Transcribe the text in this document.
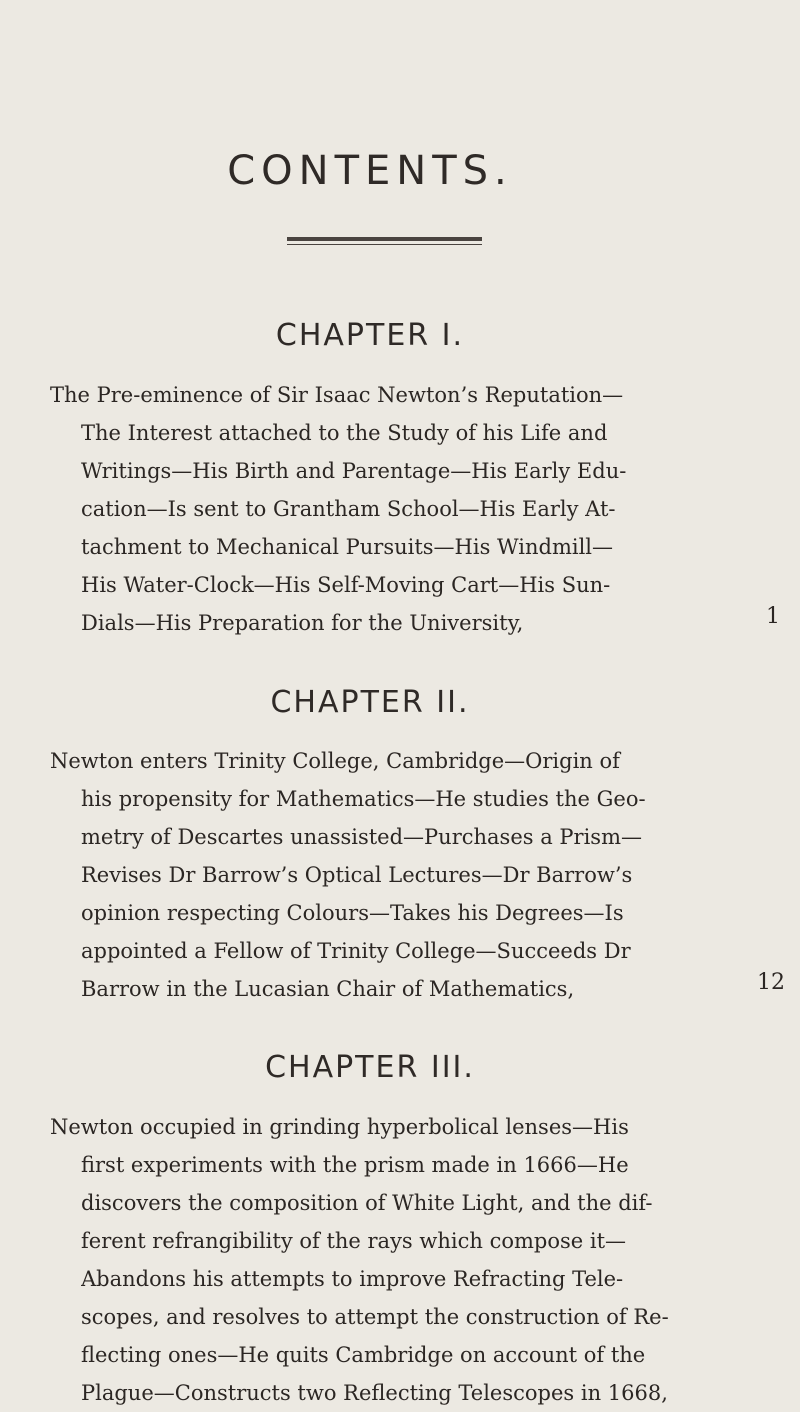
CONTENTS.
CHAPTER I.
The Pre-eminence of Sir Isaac Newton’s Reputation—
The Interest attached to the Study of his Life and
Writings—His Birth and Parentage—His Early Edu-
cation—Is sent to Grantham School—His Early At-
tachment to Mechanical Pursuits—His Windmill—
His Water-Clock—His Self-Moving Cart—His Sun-
Dials—His Preparation for the University,	1
CHAPTER II.
Newton enters Trinity College, Cambridge—Origin of
his propensity for Mathematics—He studies the Geo-
metry of Descartes unassisted—Purchases a Prism—
Revises Dr Barrow’s Optical Lectures—Dr Barrow’s
opinion respecting Colours—Takes his Degrees—Is
appointed a Fellow of Trinity College—Succeeds Dr
Barrow in the Lucasian Chair of Mathematics,	12
CHAPTER III.
Newton occupied in grinding hyperbolical lenses—His
first experiments with the prism made in 1666—He
discovers the composition of White Light, and the dif-
ferent refrangibility of the rays which compose it—
Abandons his attempts to improve Refracting Tele-
scopes, and resolves to attempt the construction of Re-
flecting ones—He quits Cambridge on account of the
Plague—Constructs two Reflecting Telescopes in 1668,
